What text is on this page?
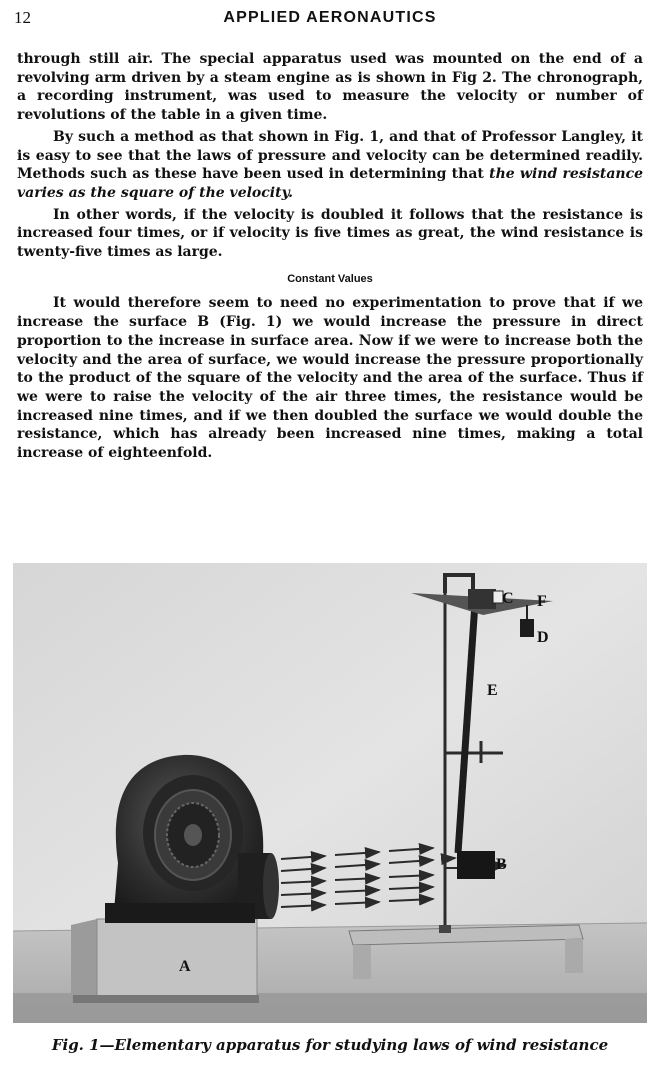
12	APPLIED AERONAUTICS

through still air. The special apparatus used was mounted on the end of a revolving arm driven by a steam engine as is shown in Fig 2. The chronograph, a recording instrument, was used to measure the velocity or number of revolutions of the table in a given time.

By such a method as that shown in Fig. 1, and that of Professor Langley, it is easy to see that the laws of pressure and velocity can be determined readily. Methods such as these have been used in determining that the wind resistance varies as the square of the velocity.

In other words, if the velocity is doubled it follows that the resistance is increased four times, or if velocity is five times as great, the wind resistance is twenty-five times as large.

Constant Values

It would therefore seem to need no experimentation to prove that if we increase the surface B (Fig. 1) we would increase the pressure in direct proportion to the increase in surface area. Now if we were to increase both the velocity and the area of surface, we would increase the pressure proportionally to the product of the square of the velocity and the area of the surface. Thus if we were to raise the velocity of the air three times, the resistance would be increased nine times, and if we then doubled the surface we would double the resistance, which has already been increased nine times, making a total increase of eighteenfold.

A
B
C
D
E
F
Fig. 1—Elementary apparatus for studying laws of wind resistance
